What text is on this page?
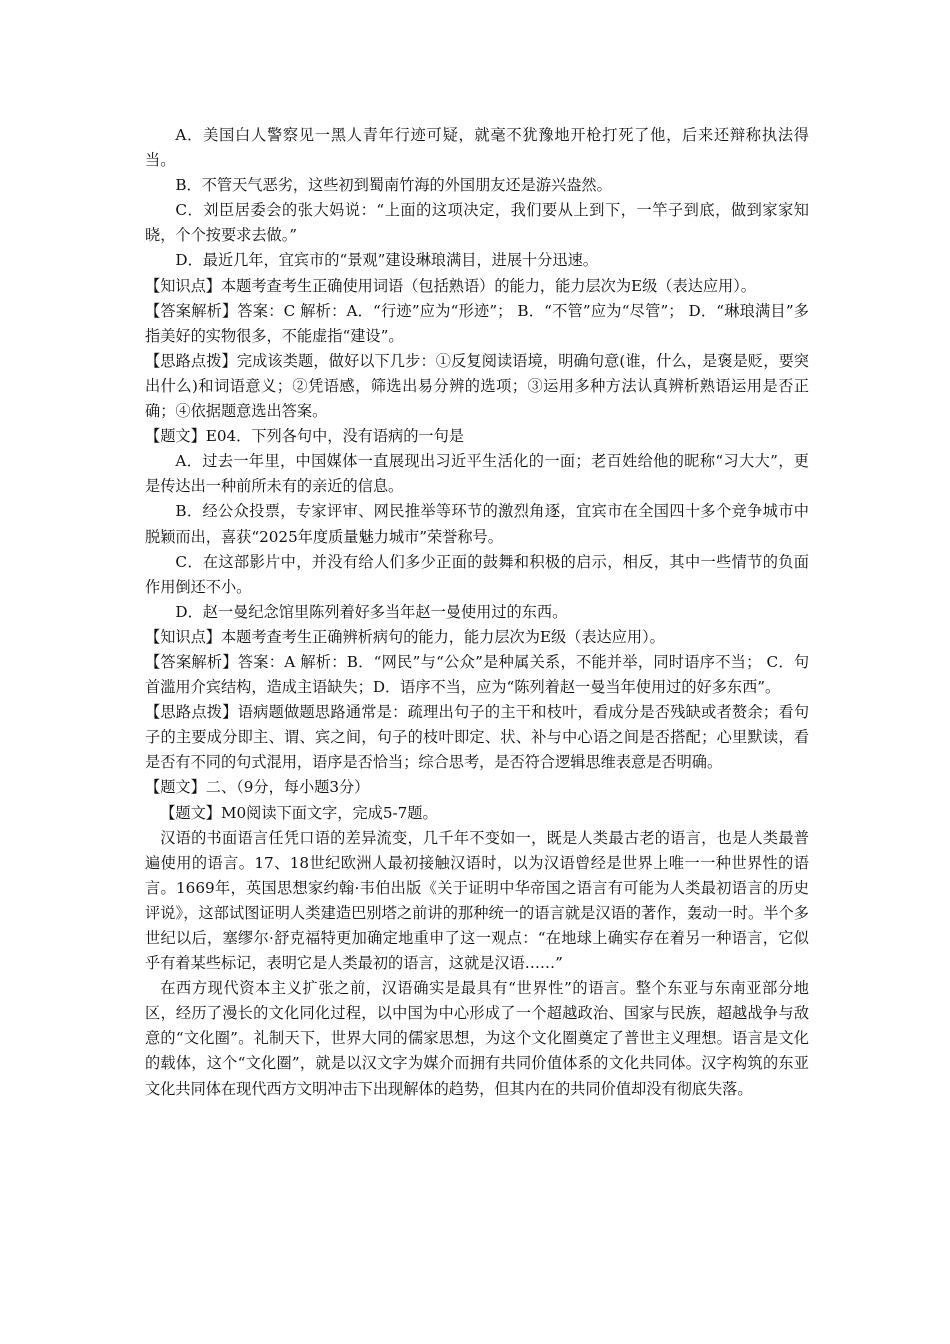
A．美国白人警察见一黑人青年行迹可疑，就毫不犹豫地开枪打死了他，后来还辩称执法得当。

B．不管天气恶劣，这些初到蜀南竹海的外国朋友还是游兴盎然。

C．刘臣居委会的张大妈说：“上面的这项决定，我们要从上到下，一竿子到底，做到家家知晓，个个按要求去做。”

D．最近几年，宜宾市的“景观”建设琳琅满目，进展十分迅速。

【知识点】本题考查考生正确使用词语（包括熟语）的能力，能力层次为E级（表达应用）。

【答案解析】答案：C 解析：A．“行迹”应为“形迹”； B．“不管”应为“尽管”； D．“琳琅满目”多指美好的实物很多，不能虚指“建设”。

【思路点拨】完成该类题，做好以下几步：①反复阅读语境，明确句意(谁，什么，是褒是贬，要突出什么)和词语意义；②凭语感，筛选出易分辨的选项；③运用多种方法认真辨析熟语运用是否正确；④依据题意选出答案。

【题文】E04．下列各句中，没有语病的一句是

A．过去一年里，中国媒体一直展现出习近平生活化的一面；老百姓给他的昵称“习大大”，更是传达出一种前所未有的亲近的信息。

B．经公众投票，专家评审、网民推举等环节的激烈角逐，宜宾市在全国四十多个竞争城市中脱颖而出，喜获“2025年度质量魅力城市”荣誉称号。

C．在这部影片中，并没有给人们多少正面的鼓舞和积极的启示，相反，其中一些情节的负面作用倒还不小。

D．赵一曼纪念馆里陈列着好多当年赵一曼使用过的东西。

【知识点】本题考查考生正确辨析病句的能力，能力层次为E级（表达应用）。

【答案解析】答案：A 解析：B．“网民”与“公众”是种属关系，不能并举，同时语序不当； C．句首滥用介宾结构，造成主语缺失；D．语序不当，应为“陈列着赵一曼当年使用过的好多东西”。

【思路点拨】语病题做题思路通常是：疏理出句子的主干和枝叶，看成分是否残缺或者赘余；看句子的主要成分即主、谓、宾之间，句子的枝叶即定、状、补与中心语之间是否搭配；心里默读，看是否有不同的句式混用，语序是否恰当；综合思考，是否符合逻辑思维表意是否明确。

【题文】二、（9分，每小题3分）

【题文】M0阅读下面文字，完成5-7题。

汉语的书面语言任凭口语的差异流变，几千年不变如一，既是人类最古老的语言，也是人类最普遍使用的语言。17、18世纪欧洲人最初接触汉语时，以为汉语曾经是世界上唯一一种世界性的语言。1669年，英国思想家约翰·韦伯出版《关于证明中华帝国之语言有可能为人类最初语言的历史评说》，这部试图证明人类建造巴别塔之前讲的那种统一的语言就是汉语的著作，轰动一时。半个多世纪以后，塞缪尔·舒克福特更加确定地重申了这一观点：“在地球上确实存在着另一种语言，它似乎有着某些标记，表明它是人类最初的语言，这就是汉语……”

在西方现代资本主义扩张之前，汉语确实是最具有“世界性”的语言。整个东亚与东南亚部分地区，经历了漫长的文化同化过程，以中国为中心形成了一个超越政治、国家与民族，超越战争与敌意的“文化圈”。礼制天下，世界大同的儒家思想，为这个文化圈奠定了普世主义理想。语言是文化的载体，这个“文化圈”，就是以汉文字为媒介而拥有共同价值体系的文化共同体。汉字构筑的东亚文化共同体在现代西方文明冲击下出现解体的趋势，但其内在的共同价值却没有彻底失落。
